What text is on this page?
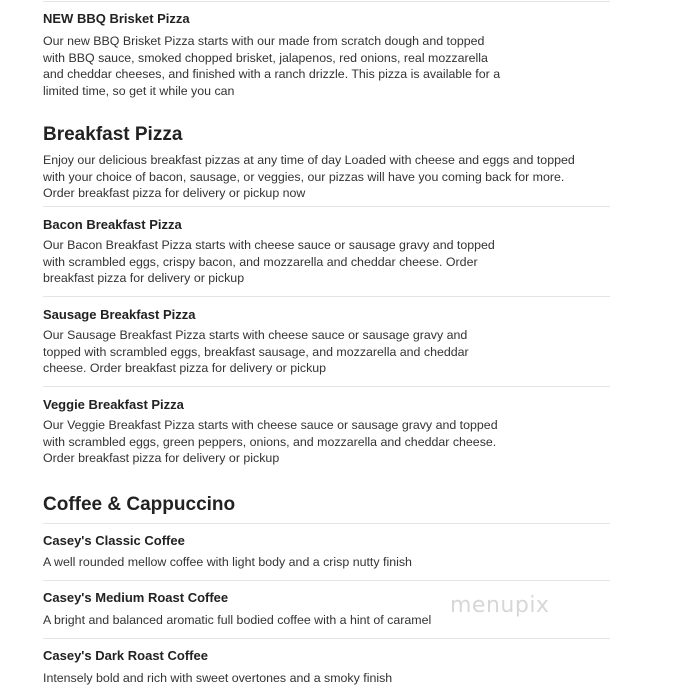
NEW BBQ Brisket Pizza
Our new BBQ Brisket Pizza starts with our made from scratch dough and topped
with BBQ sauce, smoked chopped brisket, jalapenos, red onions, real mozzarella
and cheddar cheeses, and finished with a ranch drizzle. This pizza is available for a
limited time, so get it while you can
Breakfast Pizza
Enjoy our delicious breakfast pizzas at any time of day Loaded with cheese and eggs and topped
with your choice of bacon, sausage, or veggies, our pizzas will have you coming back for more.
Order breakfast pizza for delivery or pickup now
Bacon Breakfast Pizza
Our Bacon Breakfast Pizza starts with cheese sauce or sausage gravy and topped
with scrambled eggs, crispy bacon, and mozzarella and cheddar cheese. Order
breakfast pizza for delivery or pickup
Sausage Breakfast Pizza
Our Sausage Breakfast Pizza starts with cheese sauce or sausage gravy and
topped with scrambled eggs, breakfast sausage, and mozzarella and cheddar
cheese. Order breakfast pizza for delivery or pickup
Veggie Breakfast Pizza
Our Veggie Breakfast Pizza starts with cheese sauce or sausage gravy and topped
with scrambled eggs, green peppers, onions, and mozzarella and cheddar cheese.
Order breakfast pizza for delivery or pickup
Coffee & Cappuccino
Casey's Classic Coffee
A well rounded mellow coffee with light body and a crisp nutty finish
Casey's Medium Roast Coffee
A bright and balanced aromatic full bodied coffee with a hint of caramel
Casey's Dark Roast Coffee
Intensely bold and rich with sweet overtones and a smoky finish
menupix
